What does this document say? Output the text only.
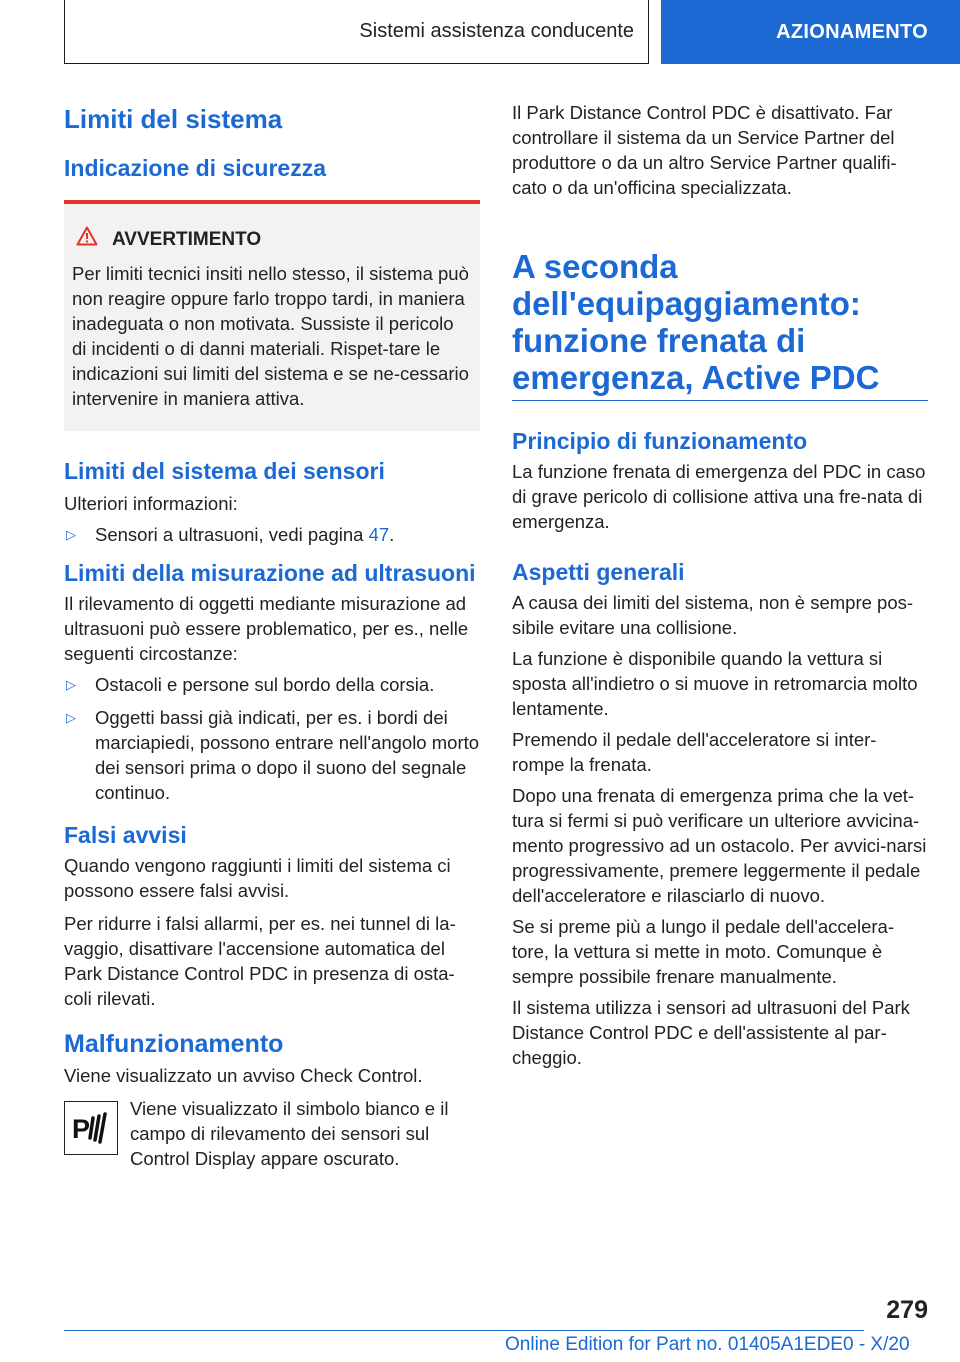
Sistemi assistenza conducente	AZIONAMENTO
Limiti del sistema
Indicazione di sicurezza
AVVERTIMENTO

Per limiti tecnici insiti nello stesso, il sistema può non reagire oppure farlo troppo tardi, in maniera inadeguata o non motivata. Sussiste il pericolo di incidenti o di danni materiali. Rispet-tare le indicazioni sui limiti del sistema e se ne-cessario intervenire in maniera attiva.

Limiti del sistema dei sensori

Ulteriori informazioni:

▷	Sensori a ultrasuoni, vedi pagina 47.
Limiti della misurazione ad ultrasuoni

Il rilevamento di oggetti mediante misurazione ad ultrasuoni può essere problematico, per es., nelle seguenti circostanze:

▷	Ostacoli e persone sul bordo della corsia.
▷	Oggetti bassi già indicati, per es. i bordi dei marciapiedi, possono entrare nell'angolo morto dei sensori prima o dopo il suono del segnale continuo.
Falsi avvisi

Quando vengono raggiunti i limiti del sistema ci possono essere falsi avvisi.

Per ridurre i falsi allarmi, per es. nei tunnel di la-vaggio, disattivare l'accensione automatica del Park Distance Control PDC in presenza di osta-coli rilevati.

Malfunzionamento

Viene visualizzato un avviso Check Control.

P

Viene visualizzato il simbolo bianco e il campo di rilevamento dei sensori sul Control Display appare oscurato.

Il Park Distance Control PDC è disattivato. Far controllare il sistema da un Service Partner del produttore o da un altro Service Partner qualifi-cato o da un'officina specializzata.

A seconda dell'equipaggiamento: funzione frenata di emergenza, Active PDC
Principio di funzionamento

La funzione frenata di emergenza del PDC in caso di grave pericolo di collisione attiva una fre-nata di emergenza.

Aspetti generali

A causa dei limiti del sistema, non è sempre pos-sibile evitare una collisione.

La funzione è disponibile quando la vettura si sposta all'indietro o si muove in retromarcia molto lentamente.

Premendo il pedale dell'acceleratore si inter-rompe la frenata.

Dopo una frenata di emergenza prima che la vet-tura si fermi si può verificare un ulteriore avvicina-mento progressivo ad un ostacolo. Per avvici-narsi progressivamente, premere leggermente il pedale dell'acceleratore e rilasciarlo di nuovo.

Se si preme più a lungo il pedale dell'accelera-tore, la vettura si mette in moto. Comunque è sempre possibile frenare manualmente.

Il sistema utilizza i sensori ad ultrasuoni del Park Distance Control PDC e dell'assistente al par-cheggio.

279
Online Edition for Part no. 01405A1EDE0 - X/20
